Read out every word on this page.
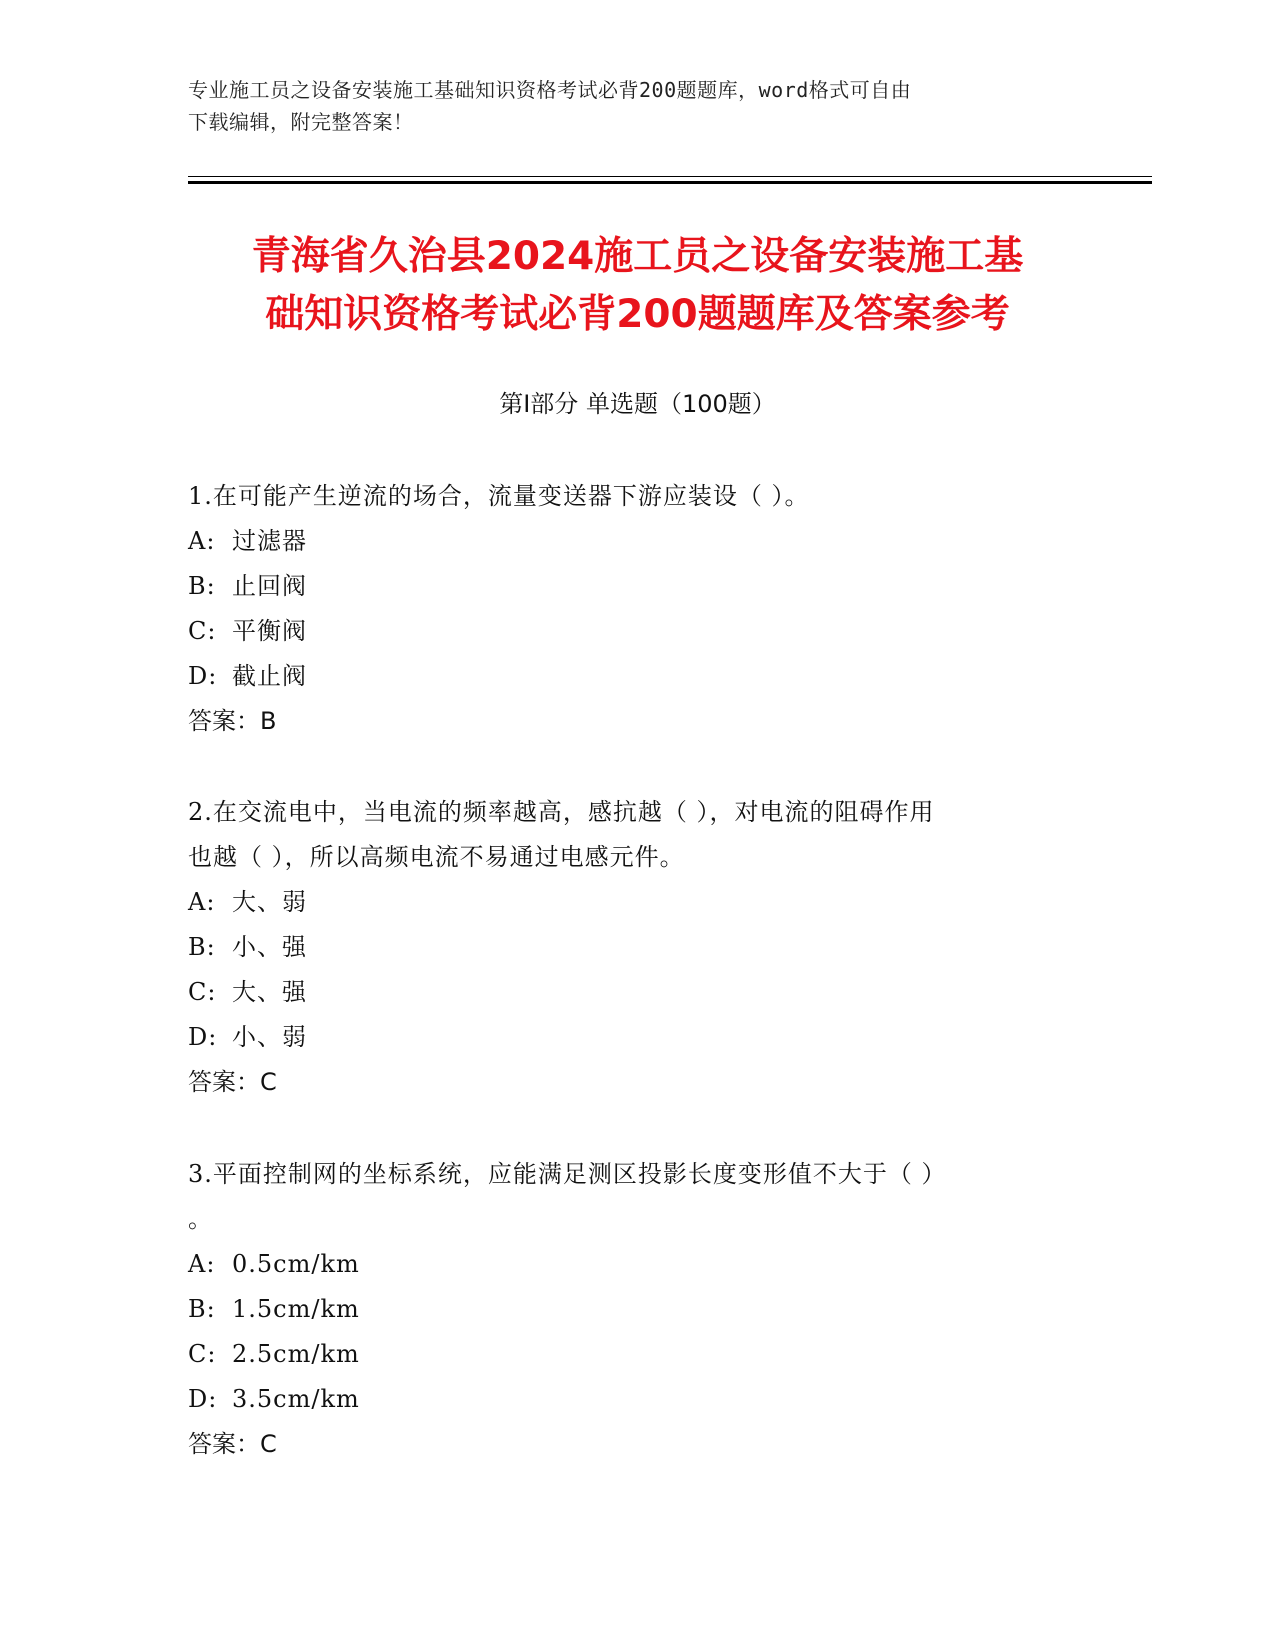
专业施工员之设备安装施工基础知识资格考试必背200题题库，word格式可自由
下载编辑，附完整答案！
青海省久治县2024施工员之设备安装施工基
础知识资格考试必背200题题库及答案参考
第Ⅰ部分 单选题（100题）
1.在可能产生逆流的场合，流量变送器下游应装设（ ）。
A: 过滤器
B: 止回阀
C: 平衡阀
D: 截止阀
答案：B
2.在交流电中，当电流的频率越高，感抗越（ ），对电流的阻碍作用
也越（ ），所以高频电流不易通过电感元件。
A: 大、弱
B: 小、强
C: 大、强
D: 小、弱
答案：C
3.平面控制网的坐标系统，应能满足测区投影长度变形值不大于（ ）
。
A: 0.5cm/km
B: 1.5cm/km
C: 2.5cm/km
D: 3.5cm/km
答案：C
